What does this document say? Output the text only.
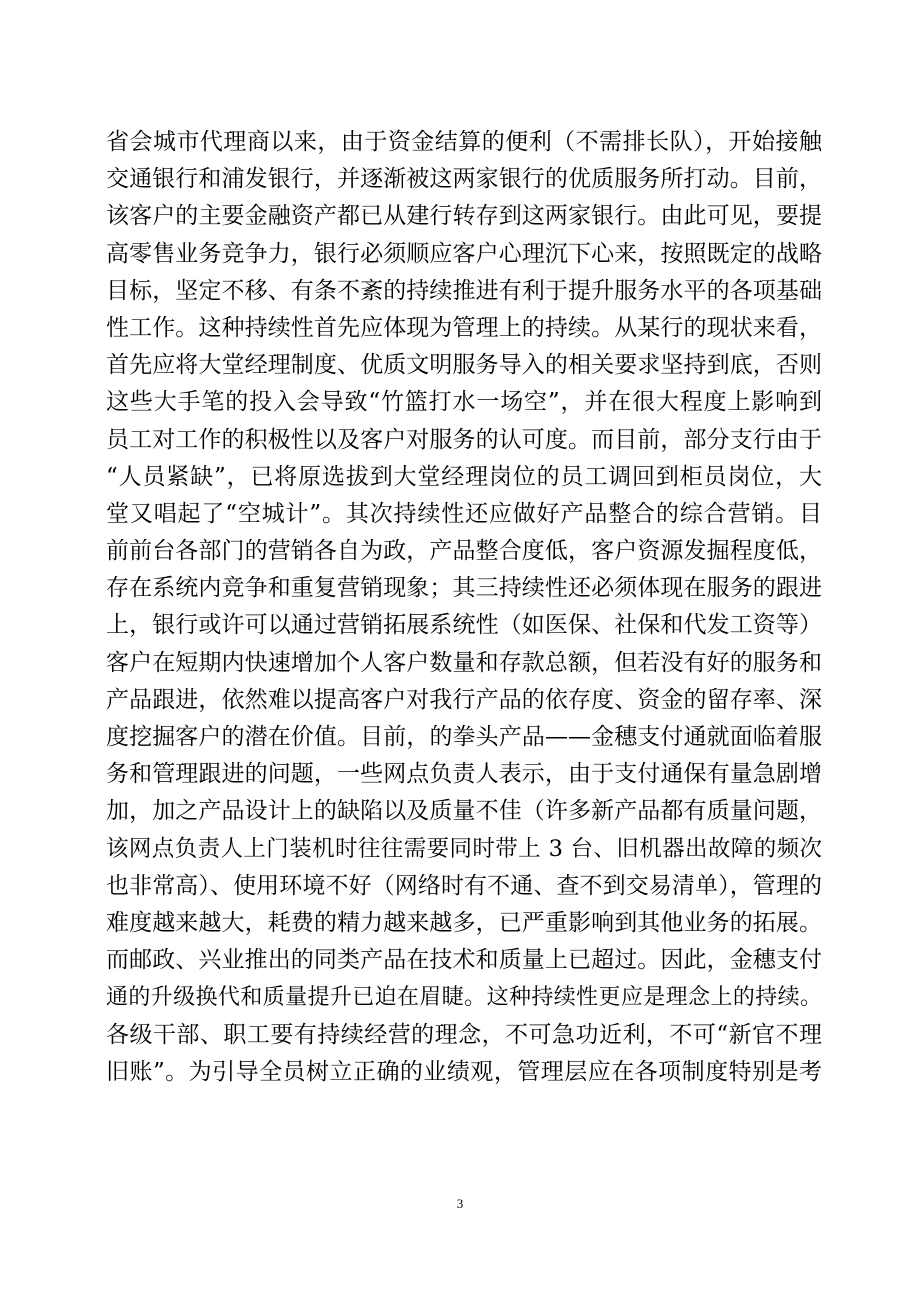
省会城市代理商以来，由于资金结算的便利（不需排长队），开始接触
交通银行和浦发银行，并逐渐被这两家银行的优质服务所打动。目前，
该客户的主要金融资产都已从建行转存到这两家银行。由此可见，要提
高零售业务竞争力，银行必须顺应客户心理沉下心来，按照既定的战略
目标，坚定不移、有条不紊的持续推进有利于提升服务水平的各项基础
性工作。这种持续性首先应体现为管理上的持续。从某行的现状来看，
首先应将大堂经理制度、优质文明服务导入的相关要求坚持到底，否则
这些大手笔的投入会导致“竹篮打水一场空”，并在很大程度上影响到
员工对工作的积极性以及客户对服务的认可度。而目前，部分支行由于
“人员紧缺”，已将原选拔到大堂经理岗位的员工调回到柜员岗位，大
堂又唱起了“空城计”。其次持续性还应做好产品整合的综合营销。目
前前台各部门的营销各自为政，产品整合度低，客户资源发掘程度低，
存在系统内竞争和重复营销现象；其三持续性还必须体现在服务的跟进
上，银行或许可以通过营销拓展系统性（如医保、社保和代发工资等）
客户在短期内快速增加个人客户数量和存款总额，但若没有好的服务和
产品跟进，依然难以提高客户对我行产品的依存度、资金的留存率、深
度挖掘客户的潜在价值。目前，的拳头产品——金穗支付通就面临着服
务和管理跟进的问题，一些网点负责人表示，由于支付通保有量急剧增
加，加之产品设计上的缺陷以及质量不佳（许多新产品都有质量问题，
该网点负责人上门装机时往往需要同时带上 3 台、旧机器出故障的频次
也非常高）、使用环境不好（网络时有不通、查不到交易清单），管理的
难度越来越大，耗费的精力越来越多，已严重影响到其他业务的拓展。
而邮政、兴业推出的同类产品在技术和质量上已超过。因此，金穗支付
通的升级换代和质量提升已迫在眉睫。这种持续性更应是理念上的持续。
各级干部、职工要有持续经营的理念，不可急功近利，不可“新官不理
旧账”。为引导全员树立正确的业绩观，管理层应在各项制度特别是考
3
